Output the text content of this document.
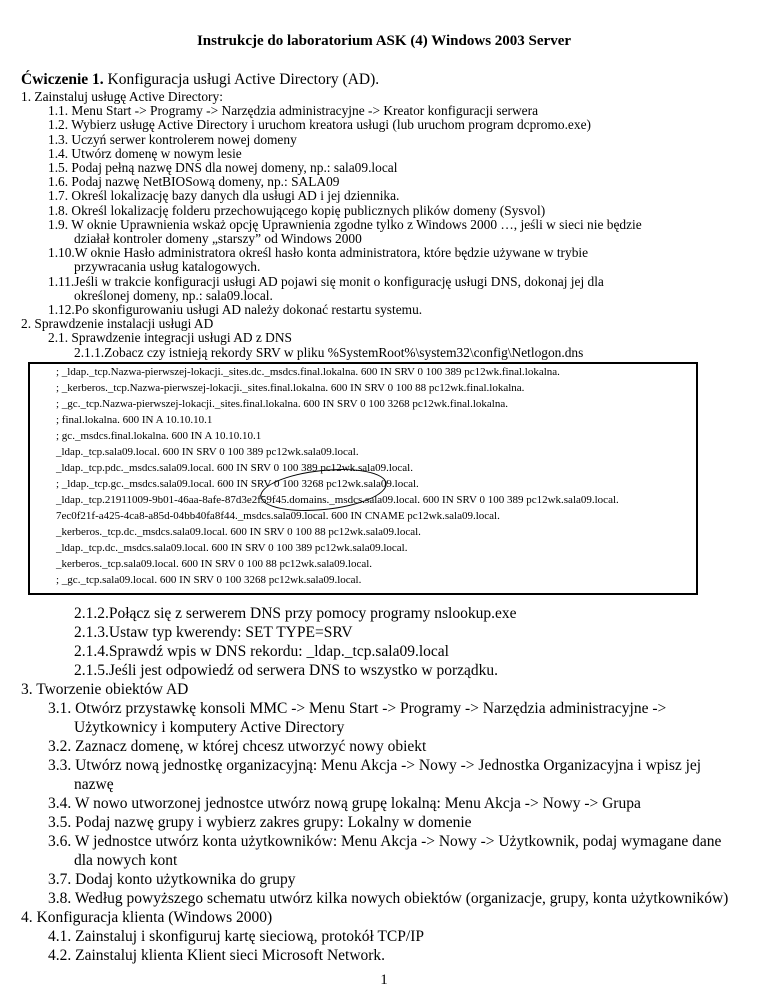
Instrukcje do laboratorium ASK (4) Windows 2003 Server
Ćwiczenie 1. Konfiguracja usługi Active Directory (AD).
1. Zainstaluj usługę Active Directory:
1.1. Menu Start -> Programy -> Narzędzia administracyjne -> Kreator konfiguracji serwera
1.2. Wybierz usługę Active Directory i uruchom kreatora usługi (lub uruchom program dcpromo.exe)
1.3. Uczyń serwer kontrolerem nowej domeny
1.4. Utwórz domenę w nowym lesie
1.5. Podaj pełną nazwę DNS dla nowej domeny, np.: sala09.local
1.6. Podaj nazwę NetBIOSową domeny, np.: SALA09
1.7. Określ lokalizację bazy danych dla usługi AD i jej dziennika.
1.8. Określ lokalizację folderu przechowującego kopię publicznych plików domeny (Sysvol)
1.9. W oknie Uprawnienia wskaż opcję Uprawnienia zgodne tylko z Windows 2000 …, jeśli w sieci nie będzie
działał kontroler domeny „starszy” od Windows 2000
1.10.W oknie Hasło administratora określ hasło konta administratora, które będzie używane w trybie
przywracania usług katalogowych.
1.11.Jeśli w trakcie konfiguracji usługi AD pojawi się monit o konfigurację usługi DNS, dokonaj jej dla
; _ldap._tcp.Nazwa-pierwszej-lokacji._sites.dc._msdcs.final.lokalna. 600 IN SRV 0 100 389 pc12wk.final.lokalna.
; _kerberos._tcp.Nazwa-pierwszej-lokacji._sites.final.lokalna. 600 IN SRV 0 100 88 pc12wk.final.lokalna.
; _gc._tcp.Nazwa-pierwszej-lokacji._sites.final.lokalna. 600 IN SRV 0 100 3268 pc12wk.final.lokalna.
; final.lokalna. 600 IN A 10.10.10.1
; gc._msdcs.final.lokalna. 600 IN A 10.10.10.1
_ldap._tcp.sala09.local. 600 IN SRV 0 100 389 pc12wk.sala09.local.
_ldap._tcp.pdc._msdcs.sala09.local. 600 IN SRV 0 100 389 pc12wk.sala09.local.
; _ldap._tcp.gc._msdcs.sala09.local. 600 IN SRV 0 100 3268 pc12wk.sala09.local.
_ldap._tcp.21911009-9b01-46aa-8afe-87d3e2f59f45.domains._msdcs.sala09.local. 600 IN SRV 0 100 389 pc12wk.sala09.local.
7ec0f21f-a425-4ca8-a85d-04bb40fa8f44._msdcs.sala09.local. 600 IN CNAME pc12wk.sala09.local.
_kerberos._tcp.dc._msdcs.sala09.local. 600 IN SRV 0 100 88 pc12wk.sala09.local.
_ldap._tcp.dc._msdcs.sala09.local. 600 IN SRV 0 100 389 pc12wk.sala09.local.
_kerberos._tcp.sala09.local. 600 IN SRV 0 100 88 pc12wk.sala09.local.
; _gc._tcp.sala09.local. 600 IN SRV 0 100 3268 pc12wk.sala09.local.
2.1.2.Połącz się z serwerem DNS przy pomocy programy nslookup.exe
2.1.3.Ustaw typ kwerendy: SET TYPE=SRV
2.1.4.Sprawdź wpis w DNS rekordu: _ldap._tcp.sala09.local
2.1.5.Jeśli jest odpowiedź od serwera DNS to wszystko w porządku.
3. Tworzenie obiektów AD
3.1. Otwórz przystawkę konsoli MMC -> Menu Start -> Programy -> Narzędzia administracyjne ->
Użytkownicy i komputery Active Directory
3.2. Zaznacz domenę, w której chcesz utworzyć nowy obiekt
3.3. Utwórz nową jednostkę organizacyjną: Menu Akcja -> Nowy -> Jednostka Organizacyjna i wpisz jej
nazwę
3.4. W nowo utworzonej jednostce utwórz nową grupę lokalną: Menu Akcja -> Nowy -> Grupa
3.5. Podaj nazwę grupy i wybierz zakres grupy: Lokalny w domenie
3.6. W jednostce utwórz konta użytkowników: Menu Akcja -> Nowy -> Użytkownik, podaj wymagane dane
dla nowych kont
3.7. Dodaj konto użytkownika do grupy
3.8. Według powyższego schematu utwórz kilka nowych obiektów (organizacje, grupy, konta użytkowników)
4. Konfiguracja klienta (Windows 2000)
4.1. Zainstaluj i skonfiguruj kartę sieciową, protokół TCP/IP
4.2. Zainstaluj klienta Klient sieci Microsoft Network.
1
określonej domeny, np.: sala09.local.
1.12.Po skonfigurowaniu usługi AD należy dokonać restartu systemu.
2. Sprawdzenie instalacji usługi AD
2.1. Sprawdzenie integracji usługi AD z DNS
2.1.1.Zobacz czy istnieją rekordy SRV w pliku %SystemRoot%\system32\config\Netlogon.dns
